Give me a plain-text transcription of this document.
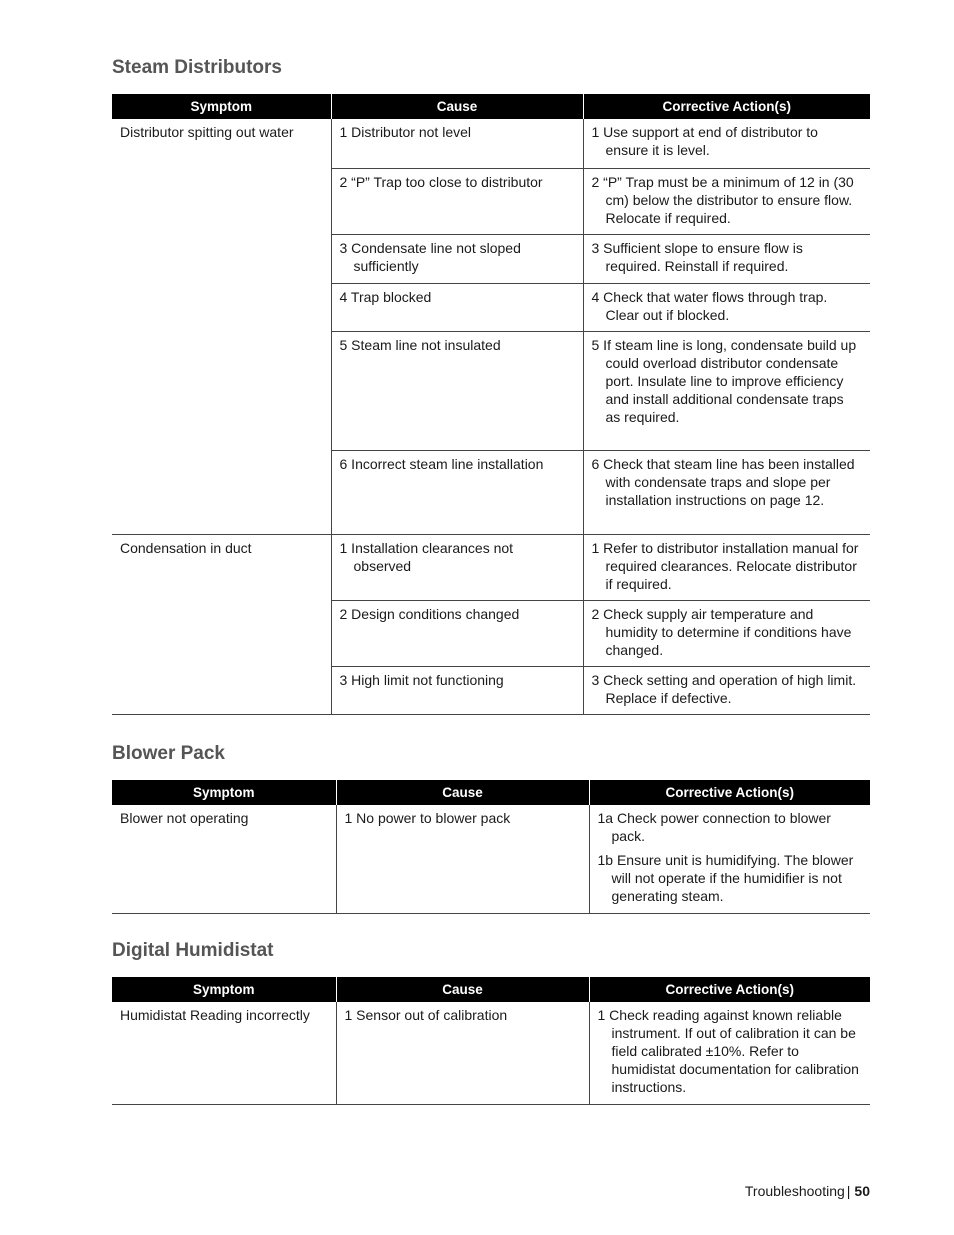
Steam Distributors
Symptom	Cause	Corrective Action(s)
Distributor spitting out water	1 Distributor not level	1 Use support at end of distributor to ensure it is level.

	2 “P” Trap too close to distributor	2 “P” Trap must be a minimum of 12 in (30 cm) below the distributor to ensure flow. Relocate if required.

	3 Condensate line not sloped sufficiently	3 Sufficient slope to ensure flow is required. Reinstall if required.

	4 Trap blocked	4 Check that water flows through trap. Clear out if blocked.

	5 Steam line not insulated	5 If steam line is long, condensate build up could overload distributor condensate port. Insulate line to improve efficiency and install additional condensate traps as required.

	6 Incorrect steam line installation	6 Check that steam line has been installed with condensate traps and slope per installation instructions on page 12.

Condensation in duct	1 Installation clearances not observed	1 Refer to distributor installation manual for required clearances. Relocate distributor if required.

	2 Design conditions changed	2 Check supply air temperature and humidity to determine if conditions have changed.

	3 High limit not functioning	3 Check setting and operation of high limit. Replace if defective.
Blower Pack
Symptom	Cause	Corrective Action(s)
Blower not operating	1 No power to blower pack	1a Check power connection to blower pack.
1b Ensure unit is humidifying. The blower will not operate if the humidifier is not generating steam.
Digital Humidistat
Symptom	Cause	Corrective Action(s)
Humidistat Reading incorrectly	1 Sensor out of calibration	1 Check reading against known reliable instrument. If out of calibration it can be field calibrated ±10%. Refer to humidistat documentation for calibration instructions.
Troubleshooting | 50
